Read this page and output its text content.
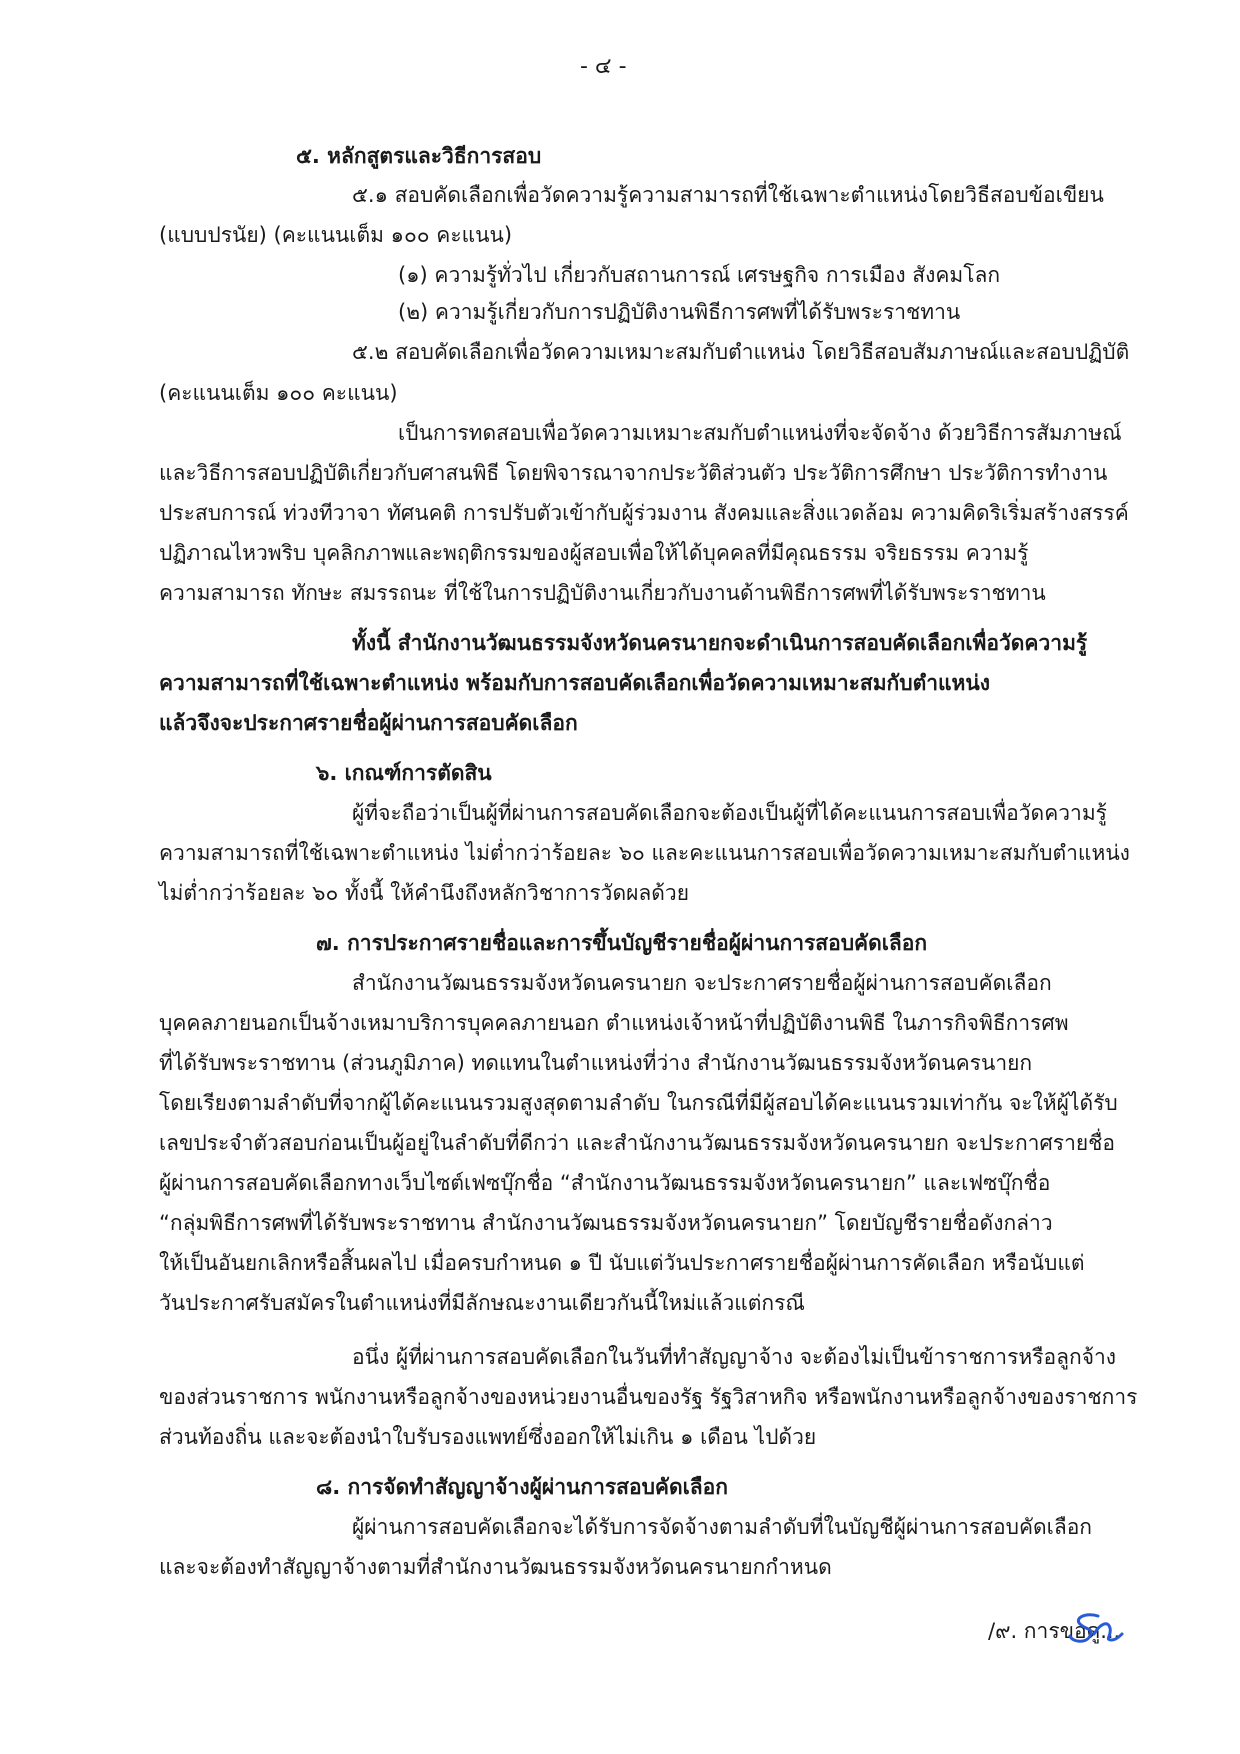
- ๔ -
๕. หลักสูตรและวิธีการสอบ
๕.๑ สอบคัดเลือกเพื่อวัดความรู้ความสามารถที่ใช้เฉพาะตำแหน่งโดยวิธีสอบข้อเขียน
(แบบปรนัย) (คะแนนเต็ม ๑๐๐ คะแนน)
(๑) ความรู้ทั่วไป เกี่ยวกับสถานการณ์ เศรษฐกิจ การเมือง สังคมโลก
(๒) ความรู้เกี่ยวกับการปฏิบัติงานพิธีการศพที่ได้รับพระราชทาน
๕.๒ สอบคัดเลือกเพื่อวัดความเหมาะสมกับตำแหน่ง โดยวิธีสอบสัมภาษณ์และสอบปฏิบัติ
(คะแนนเต็ม ๑๐๐ คะแนน)
เป็นการทดสอบเพื่อวัดความเหมาะสมกับตำแหน่งที่จะจัดจ้าง ด้วยวิธีการสัมภาษณ์
และวิธีการสอบปฏิบัติเกี่ยวกับศาสนพิธี โดยพิจารณาจากประวัติส่วนตัว ประวัติการศึกษา ประวัติการทำงาน
ประสบการณ์ ท่วงทีวาจา ทัศนคติ การปรับตัวเข้ากับผู้ร่วมงาน สังคมและสิ่งแวดล้อม ความคิดริเริ่มสร้างสรรค์
ปฏิภาณไหวพริบ บุคลิกภาพและพฤติกรรมของผู้สอบเพื่อให้ได้บุคคลที่มีคุณธรรม จริยธรรม ความรู้
ความสามารถ ทักษะ สมรรถนะ ที่ใช้ในการปฏิบัติงานเกี่ยวกับงานด้านพิธีการศพที่ได้รับพระราชทาน
ทั้งนี้ สำนักงานวัฒนธรรมจังหวัดนครนายกจะดำเนินการสอบคัดเลือกเพื่อวัดความรู้
ความสามารถที่ใช้เฉพาะตำแหน่ง พร้อมกับการสอบคัดเลือกเพื่อวัดความเหมาะสมกับตำแหน่ง
แล้วจึงจะประกาศรายชื่อผู้ผ่านการสอบคัดเลือก
๖. เกณฑ์การตัดสิน
ผู้ที่จะถือว่าเป็นผู้ที่ผ่านการสอบคัดเลือกจะต้องเป็นผู้ที่ได้คะแนนการสอบเพื่อวัดความรู้
ความสามารถที่ใช้เฉพาะตำแหน่ง ไม่ต่ำกว่าร้อยละ ๖๐ และคะแนนการสอบเพื่อวัดความเหมาะสมกับตำแหน่ง
ไม่ต่ำกว่าร้อยละ ๖๐ ทั้งนี้ ให้คำนึงถึงหลักวิชาการวัดผลด้วย
๗. การประกาศรายชื่อและการขึ้นบัญชีรายชื่อผู้ผ่านการสอบคัดเลือก
สำนักงานวัฒนธรรมจังหวัดนครนายก จะประกาศรายชื่อผู้ผ่านการสอบคัดเลือก
บุคคลภายนอกเป็นจ้างเหมาบริการบุคคลภายนอก ตำแหน่งเจ้าหน้าที่ปฏิบัติงานพิธี ในภารกิจพิธีการศพ
ที่ได้รับพระราชทาน (ส่วนภูมิภาค) ทดแทนในตำแหน่งที่ว่าง สำนักงานวัฒนธรรมจังหวัดนครนายก
โดยเรียงตามลำดับที่จากผู้ได้คะแนนรวมสูงสุดตามลำดับ ในกรณีที่มีผู้สอบได้คะแนนรวมเท่ากัน จะให้ผู้ได้รับ
เลขประจำตัวสอบก่อนเป็นผู้อยู่ในลำดับที่ดีกว่า และสำนักงานวัฒนธรรมจังหวัดนครนายก จะประกาศรายชื่อ
ผู้ผ่านการสอบคัดเลือกทางเว็บไซต์เฟซบุ๊กชื่อ “สำนักงานวัฒนธรรมจังหวัดนครนายก” และเฟซบุ๊กชื่อ
“กลุ่มพิธีการศพที่ได้รับพระราชทาน สำนักงานวัฒนธรรมจังหวัดนครนายก” โดยบัญชีรายชื่อดังกล่าว
ให้เป็นอันยกเลิกหรือสิ้นผลไป เมื่อครบกำหนด ๑ ปี นับแต่วันประกาศรายชื่อผู้ผ่านการคัดเลือก หรือนับแต่
วันประกาศรับสมัครในตำแหน่งที่มีลักษณะงานเดียวกันนี้ใหม่แล้วแต่กรณี
อนึ่ง ผู้ที่ผ่านการสอบคัดเลือกในวันที่ทำสัญญาจ้าง จะต้องไม่เป็นข้าราชการหรือลูกจ้าง
ของส่วนราชการ พนักงานหรือลูกจ้างของหน่วยงานอื่นของรัฐ รัฐวิสาหกิจ หรือพนักงานหรือลูกจ้างของราชการ
ส่วนท้องถิ่น และจะต้องนำใบรับรองแพทย์ซึ่งออกให้ไม่เกิน ๑ เดือน ไปด้วย
๘. การจัดทำสัญญาจ้างผู้ผ่านการสอบคัดเลือก
ผู้ผ่านการสอบคัดเลือกจะได้รับการจัดจ้างตามลำดับที่ในบัญชีผู้ผ่านการสอบคัดเลือก
และจะต้องทำสัญญาจ้างตามที่สำนักงานวัฒนธรรมจังหวัดนครนายกกำหนด
/๙. การขอดู...
